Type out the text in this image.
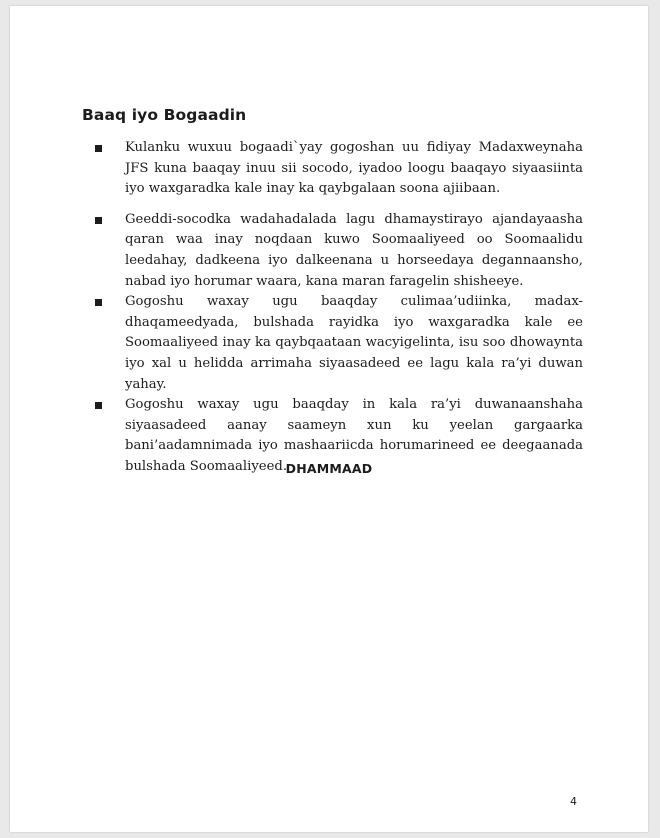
Baaq iyo Bogaadin
Kulanku wuxuu bogaadi`yay gogoshan uu fidiyay Madaxweynaha JFS kuna baaqay inuu sii socodo, iyadoo loogu baaqayo siyaasiinta iyo waxgaradka kale inay ka qaybgalaan soona ajiibaan.
Geeddi-socodka wadahadalada lagu dhamaystirayo ajandayaasha qaran waa inay noqdaan kuwo Soomaaliyeed oo Soomaalidu leedahay, dadkeena iyo dalkeenana u horseedaya degannaansho, nabad iyo horumar waara, kana maran faragelin shisheeye.
Gogoshu waxay ugu baaqday culimaa’udiinka, madax-dhaqameedyada, bulshada rayidka iyo waxgaradka kale ee Soomaaliyeed inay ka qaybqaataan wacyigelinta, isu soo dhowaynta iyo xal u helidda arrimaha siyaasadeed ee lagu kala ra’yi duwan yahay.
Gogoshu waxay ugu baaqday in kala ra’yi duwanaanshaha siyaasadeed aanay saameyn xun ku yeelan gargaarka bani’aadamnimada iyo mashaariicda horumarineed ee deegaanada bulshada Soomaaliyeed.
DHAMMAAD
4
